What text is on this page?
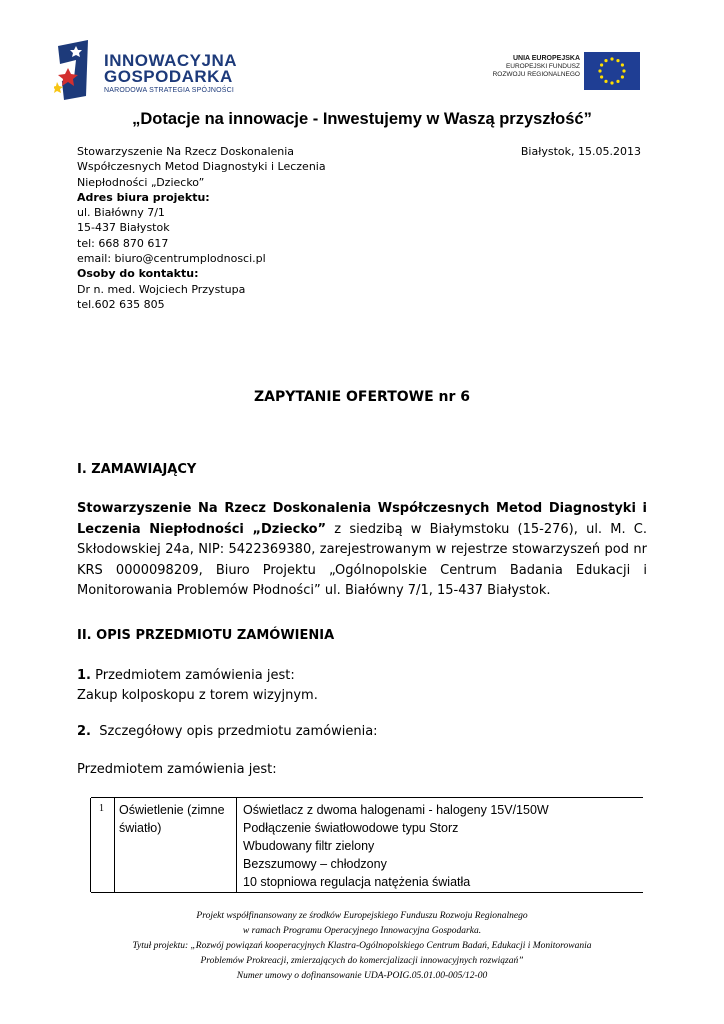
INNOWACYJNA
GOSPODARKA
NARODOWA STRATEGIA SPÓJNOŚCI
UNIA EUROPEJSKA
EUROPEJSKI FUNDUSZ
ROZWOJU REGIONALNEGO
„Dotacje na innowacje - Inwestujemy w Waszą przyszłość”
Stowarzyszenie Na Rzecz Doskonalenia
Współczesnych Metod Diagnostyki i Leczenia
Niepłodności „Dziecko”
Adres biura projektu:
ul. Białówny 7/1
15-437 Białystok
tel: 668 870 617
email: biuro@centrumplodnosci.pl
Osoby do kontaktu:
Dr n. med. Wojciech Przystupa
tel.602 635 805
Białystok, 15.05.2013
ZAPYTANIE OFERTOWE nr 6
I. ZAMAWIAJĄCY
Stowarzyszenie Na Rzecz Doskonalenia Współczesnych Metod Diagnostyki i Leczenia Niepłodności „Dziecko” z siedzibą w Białymstoku (15-276), ul. M. C. Skłodowskiej 24a, NIP: 5422369380, zarejestrowanym w rejestrze stowarzyszeń pod nr KRS 0000098209, Biuro Projektu „Ogólnopolskie Centrum Badania Edukacji i Monitorowania Problemów Płodności” ul. Białówny 7/1, 15-437 Białystok.
II. OPIS PRZEDMIOTU ZAMÓWIENIA
1. Przedmiotem zamówienia jest:
Zakup kolposkopu z torem wizyjnym.
2.  Szczegółowy opis przedmiotu zamówienia:
Przedmiotem zamówienia jest:
1 Oświetlenie (zimne
światło)
Oświetlacz z dwoma halogenami - halogeny 15V/150W
Podłączenie światłowodowe typu Storz
Wbudowany filtr zielony
Bezszumowy – chłodzony
10 stopniowa regulacja natężenia światła
Projekt współfinansowany ze środków Europejskiego Funduszu Rozwoju Regionalnego
w ramach Programu Operacyjnego Innowacyjna Gospodarka.
Tytuł projektu: „Rozwój powiązań kooperacyjnych Klastra-Ogólnopolskiego Centrum Badań, Edukacji i Monitorowania
Problemów Prokreacji, zmierzających do komercjalizacji innowacyjnych rozwiązań”
Numer umowy o dofinansowanie UDA-POIG.05.01.00-005/12-00
